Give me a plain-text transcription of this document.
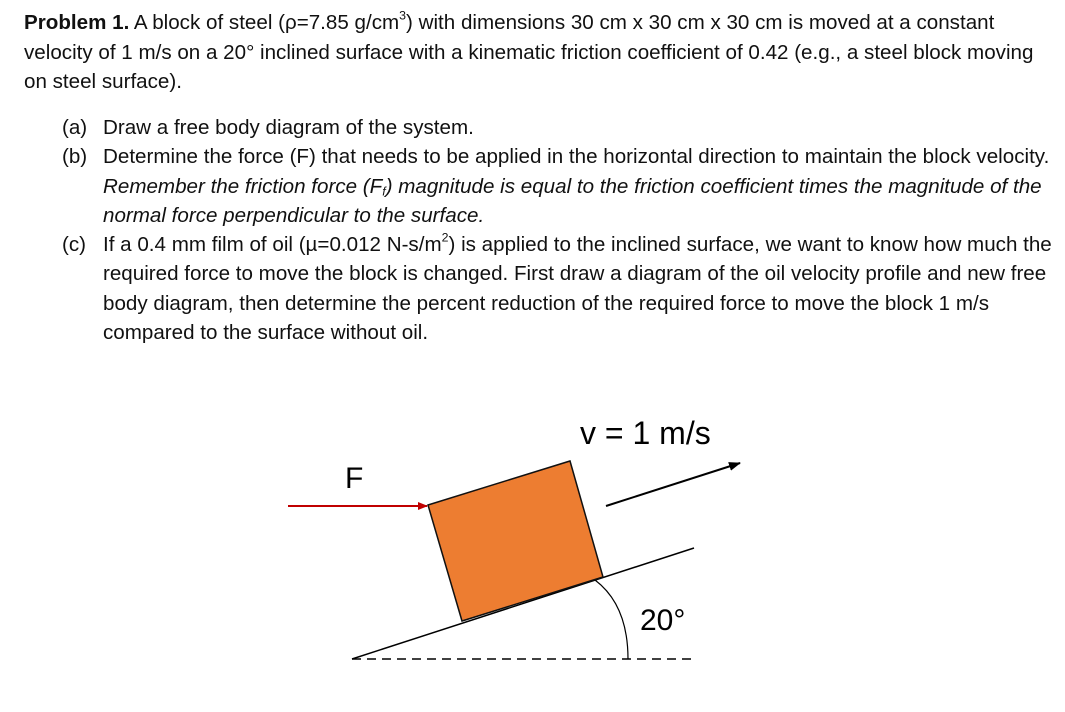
Problem 1. A block of steel (ρ=7.85 $g/cm^3$) with dimensions 30 cm x 30 cm x 30 cm is moved at a constant velocity of 1 m/s on a 20° inclined surface with a kinematic friction coefficient of 0.42 (e.g., a steel block moving on steel surface).

(a) Draw a free body diagram of the system.
(b) Determine the force (F) that needs to be applied in the horizontal direction to maintain the block velocity. Remember the friction force $(F_f)$ magnitude is equal to the friction coefficient times the magnitude of the normal force perpendicular to the surface.
(c) If a 0.4 mm film of oil (µ=0.012 $N-s/m^2$) is applied to the inclined surface, we want to know how much the required force to move the block is changed. First draw a diagram of the oil velocity profile and new free body diagram, then determine the percent reduction of the required force to move the block 1 m/s compared to the surface without oil.
F
v = 1 m/s
20°
